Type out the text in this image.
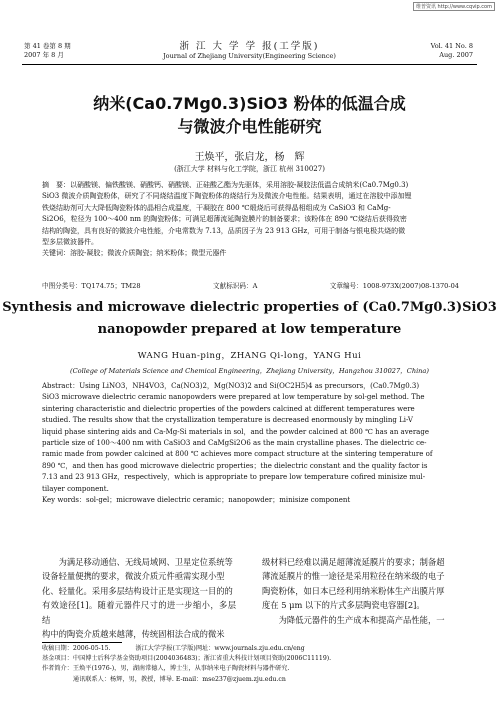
维普资讯 http://www.cqvip.com
第 41 卷第 8 期
2007 年 8 月
浙 江 大 学 学 报(工学版)
Journal of Zhejiang University(Engineering Science)
Vol. 41 No. 8
Aug. 2007
纳米(Ca0.7Mg0.3)SiO3 粉体的低温合成
与微波介电性能研究
王焕平，张启龙，杨　辉
(浙江大学 材料与化工学院，浙江 杭州 310027)
摘　要：以硝酸镁、偏铁酸镁、硝酸钙、硝酸镁、正硅酸乙酯为先驱体，采用溶胶-凝胶法低温合成纳米(Ca0.7Mg0.3)
SiO3 微波介质陶瓷粉体，研究了不同烧结温度下陶瓷粉体的烧结行为及微波介电性能。结果表明，通过在溶胶中添加锂
铁烧结助剂可大大降低陶瓷粉体的晶相合成温度，干凝胶在 800 ℃煅烧后可获得晶相组成为 CaSiO3 和 CaMg-
Si2O6，粒径为 100～400 nm 的陶瓷粉体；可满足超薄流延陶瓷膜片的制备要求；该粉体在 890 ℃烧结后获得致密
结构的陶瓷，具有良好的微波介电性能，介电常数为 7.13，品质因子为 23 913 GHz，可用于制备与银电极共烧的微
型多层微波器件。
关键词：溶胶-凝胶；微波介质陶瓷；纳米粉体；微型元器件
中图分类号：TQ174.75；TM28	文献标识码：A	文章编号：1008-973X(2007)08-1370-04
Synthesis and microwave dielectric properties of (Ca0.7Mg0.3)SiO3
nanopowder prepared at low temperature
WANG Huan-ping，ZHANG Qi-long，YANG Hui
(College of Materials Science and Chemical Engineering，Zhejiang University，Hangzhou 310027，China)
Abstract：Using LiNO3，NH4VO3，Ca(NO3)2，Mg(NO3)2 and Si(OC2H5)4 as precursors，(Ca0.7Mg0.3)
SiO3 microwave dielectric ceramic nanopowders were prepared at low temperature by sol-gel method. The
sintering characteristic and dielectric properties of the powders calcined at different temperatures were
studied. The results show that the crystallization temperature is decreased enormously by mingling Li-V
liquid phase sintering aids and Ca-Mg-Si materials in sol，and the powder calcined at 800 ℃ has an average
particle size of 100～400 nm with CaSiO3 and CaMgSi2O6 as the main crystalline phases. The dielectric ce-
ramic made from powder calcined at 800 ℃ achieves more compact structure at the sintering temperature of
890 ℃，and then has good microwave dielectric properties；the dielectric constant and the quality factor is
7.13 and 23 913 GHz，respectively，which is appropriate to prepare low temperature cofired minisize mul-
tilayer component.
Key words：sol-gel；microwave dielectric ceramic；nanopowder；minisize component
　　为满足移动通信、无线局域网、卫星定位系统等
设备轻量便携的要求，微波介质元件亟需实现小型
化、轻量化。采用多层结构设计正是实现这一目的的
有效途径[1]。随着元器件尺寸的进一步缩小，多层结
构中的陶瓷介质越来越薄，传统固相法合成的微米
级材料已经难以满足超薄流延膜片的要求；制备超
薄流延膜片的惟一途径是采用粒径在纳米级的电子
陶瓷粉体，如日本已经利用纳米粉体生产出膜片厚
度在 5 μm 以下的片式多层陶瓷电容器[2]。
　　为降低元器件的生产成本和提高产品性能，一
收稿日期：2006-05-15.　　　　浙江大学学报(工学版)网址：www.journals.zju.edu.cn/eng
基金项目：中国博士后科学基金资助项目(2004036483)；浙江省重大科技计划项目资助(2006C11119).
作者简介：王焕平(1976-)，男，湖南常德人，博士生，从事纳米电子陶瓷材料与器件研究.
　　　　　通讯联系人：杨辉，男，教授，博导. E-mail：mse237@zjuem.zju.edu.cn
